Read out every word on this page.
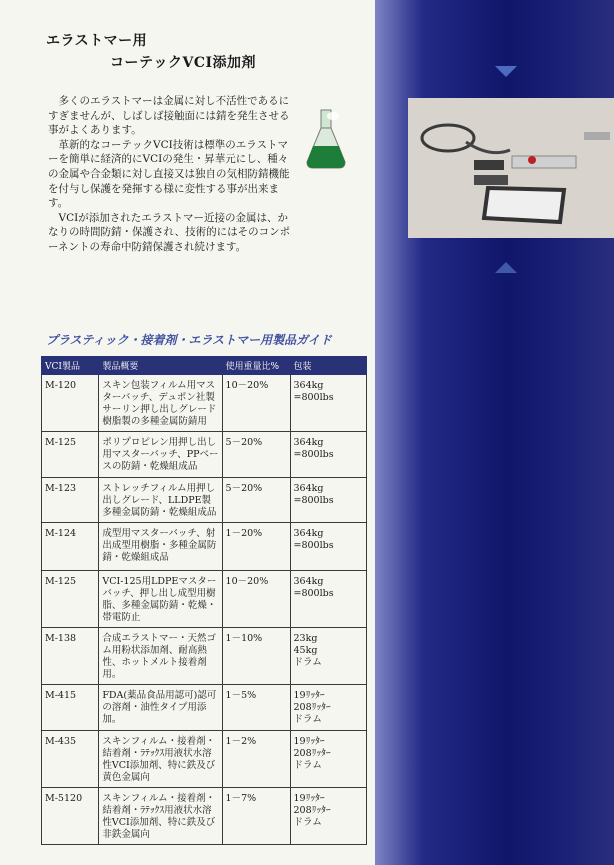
エラストマー用
コーテックVCI添加剤

多くのエラストマーは金属に対し不活性であるにすぎませんが、しばしば接触面には錆を発生させる事がよくあります。

革新的なコーテックVCI技術は標準のエラストマーを簡単に経済的にVCIの発生・昇華元にし、種々の金属や合金類に対し直接又は独自の気相防錆機能を付与し保護を発揮する様に変性する事が出来ます。

VCIが添加されたエラストマー近接の金属は、かなりの時間防錆・保護され、技術的にはそのコンポーネントの寿命中防錆保護され続けます。

プラスティック・接着剤・エラストマー用製品ガイド
VCI製品	製品概要	使用重量比%	包装
M-120	スキン包装フィルム用マスターバッチ、デュポン社製サーリン押し出しグレード樹脂製の多種金属防錆用	10－20%	364kg
=800lbs
M-125	ポリプロピレン用押し出し用マスターバッチ、PPベースの防錆・乾燥組成品	5－20%	364kg
=800lbs
M-123	ストレッチフィルム用押し出しグレード、LLDPE製多種金属防錆・乾燥組成品	5－20%	364kg
=800lbs
M-124	成型用マスターバッチ、射出成型用樹脂・多種金属防錆・乾燥組成品	1－20%	364kg
=800lbs
M-125	VCI-125用LDPEマスターバッチ、押し出し成型用樹脂、多種金属防錆・乾燥・帯電防止	10－20%	364kg
=800lbs
M-138	合成エラストマー・天然ゴム用粉状添加剤、耐高熱性、ホットメルト接着剤用。	1－10%	23kg
45kg
ドラム
M-415	FDA(薬品食品用認可)認可の溶剤・油性タイプ用添加。	1－5%	19ﾘｯﾀｰ
208ﾘｯﾀｰ
ドラム
M-435	スキンフィルム・接着剤・結着剤・ﾗﾃｯｸｽ用液状水溶性VCI添加剤、特に鉄及び黄色金属向	1－2%	19ﾘｯﾀｰ
208ﾘｯﾀｰ
ドラム
M-5120	スキンフィルム・接着剤・結着剤・ﾗﾃｯｸｽ用液状水溶性VCI添加剤、特に鉄及び非鉄金属向	1－7%	19ﾘｯﾀｰ
208ﾘｯﾀｰ
ドラム
